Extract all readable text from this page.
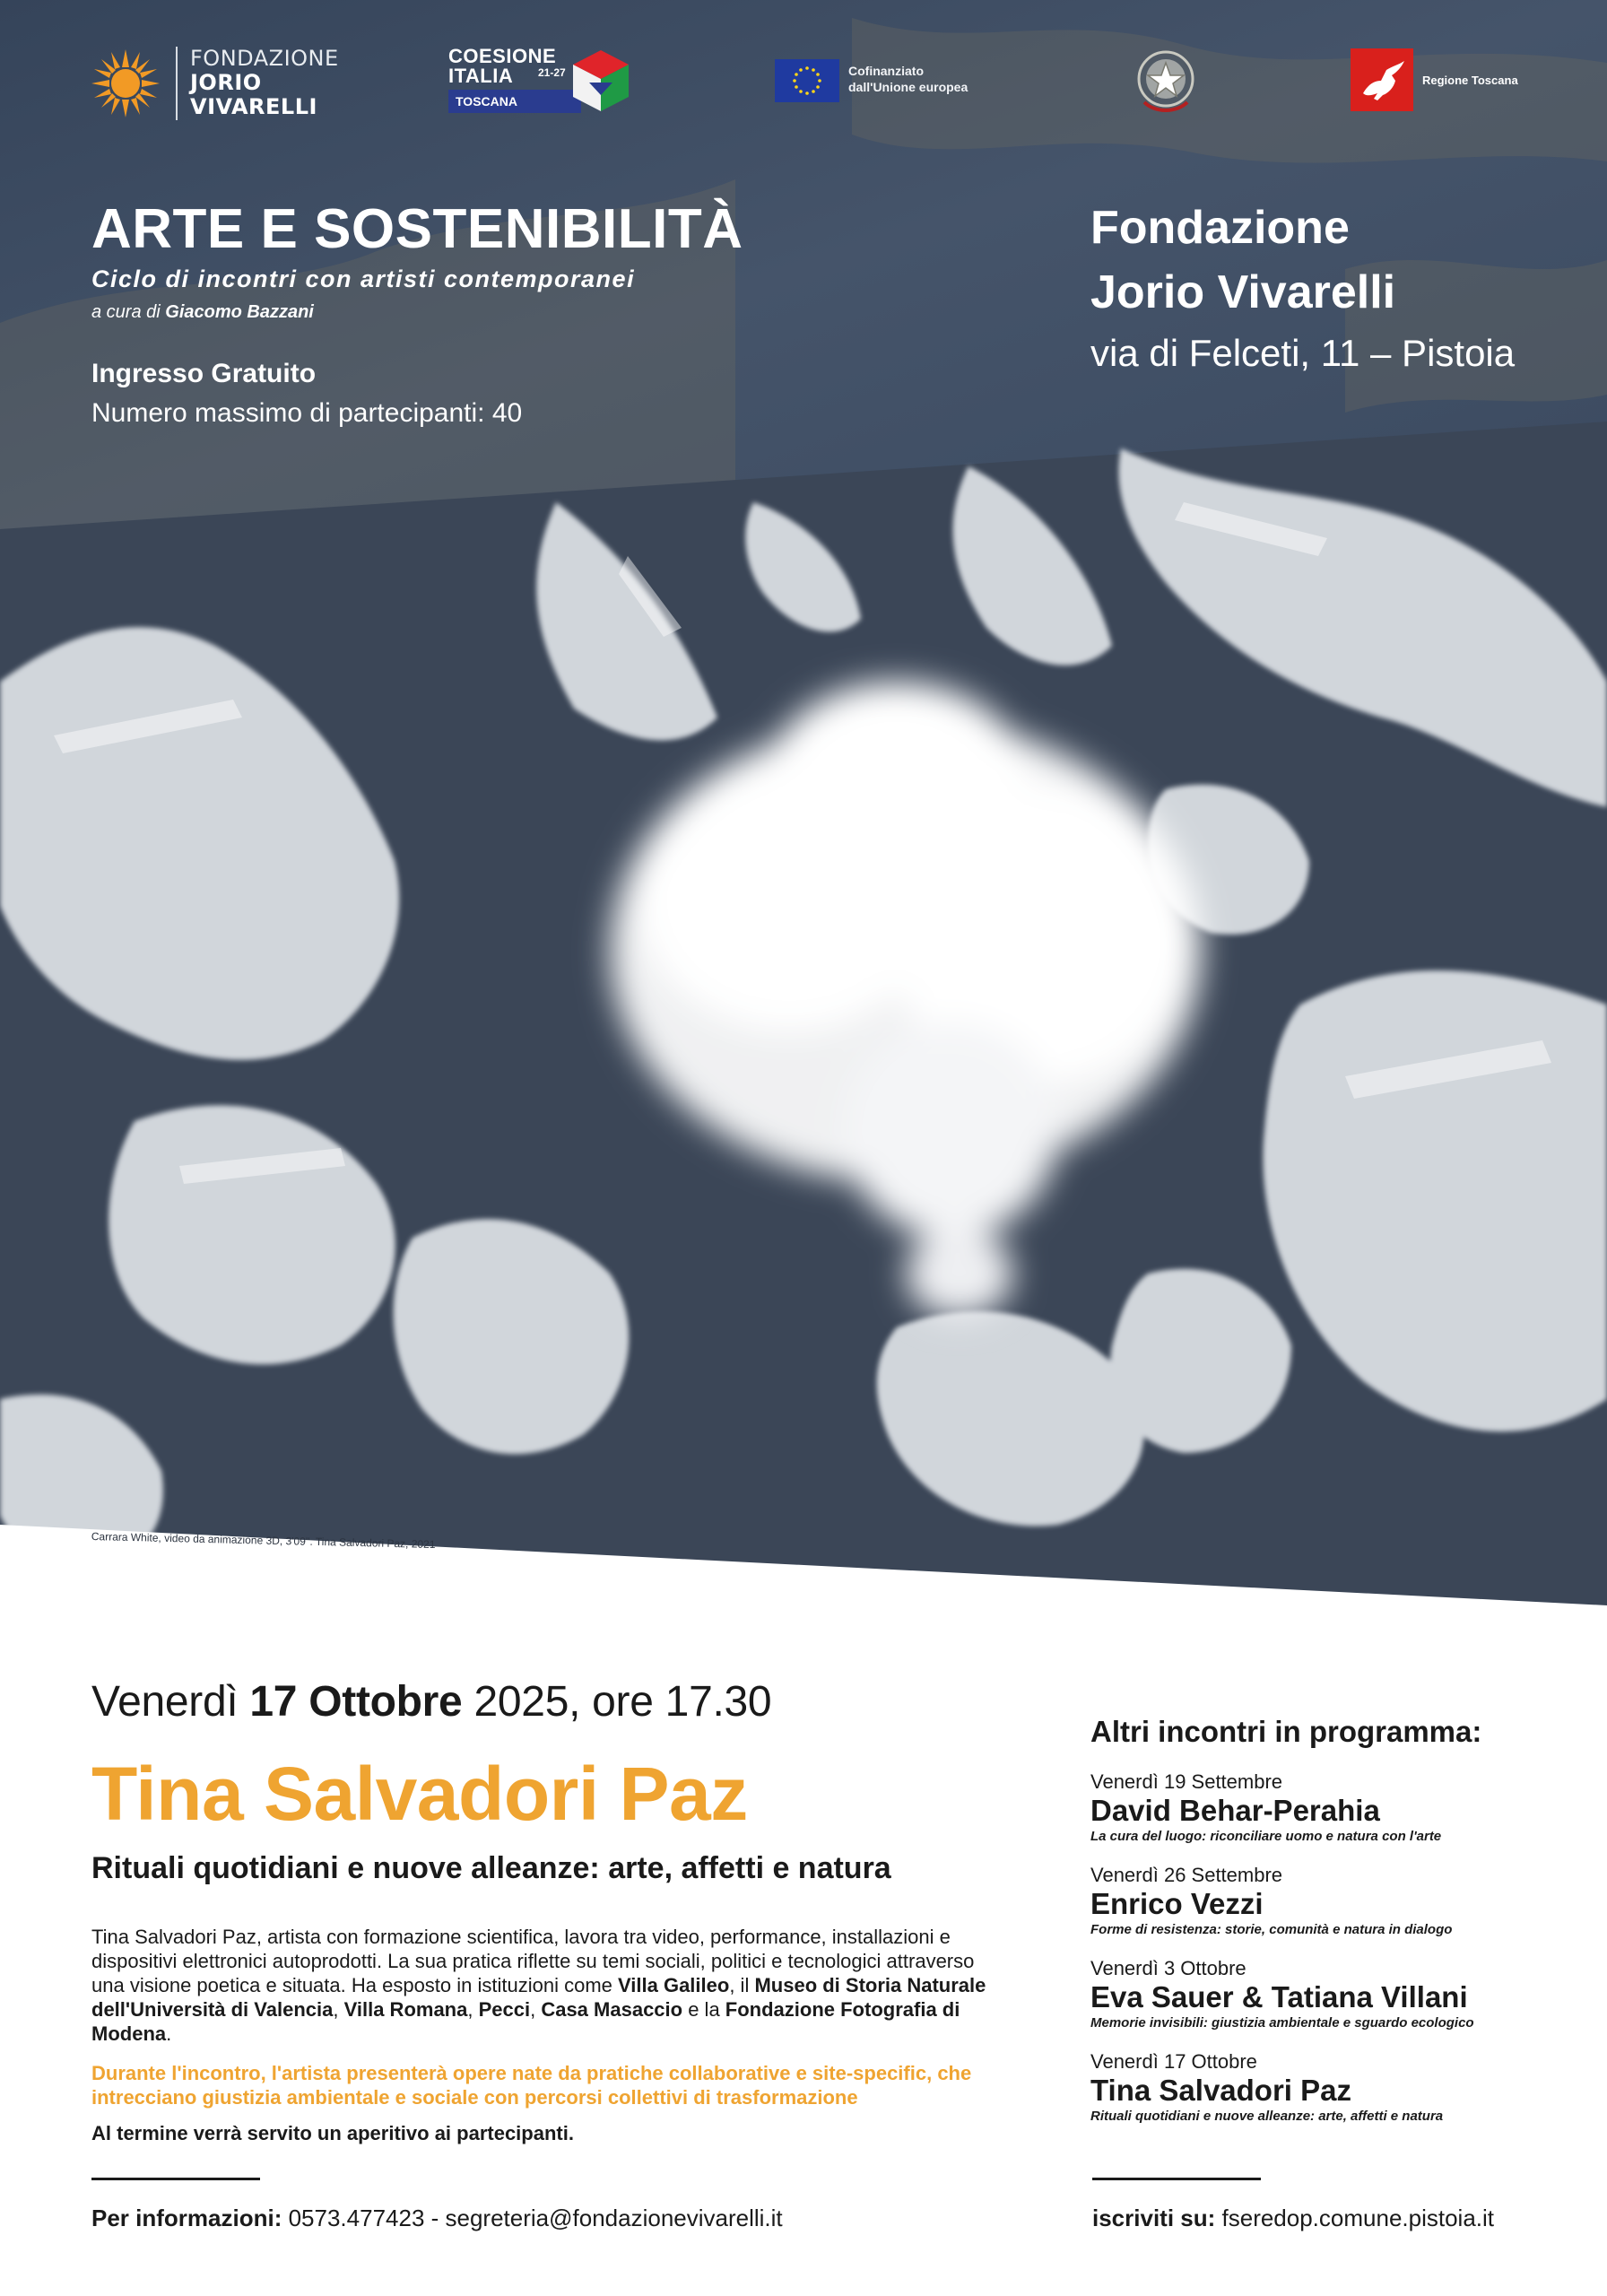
FONDAZIONE
JORIO
VIVARELLI
COESIONE
ITALIA 21-27
TOSCANA
Cofinanziato
dall'Unione europea	Regione Toscana
ARTE E SOSTENIBILITÀ
Ciclo di incontri con artisti contemporanei
a cura di Giacomo Bazzani
Ingresso Gratuito
Numero massimo di partecipanti: 40
Fondazione
Jorio Vivarelli
via di Felceti, 11 – Pistoia
Carrara White, video da animazione 3D, 3'09''. Tina Salvadori Paz, 2021
Venerdì 17 Ottobre 2025, ore 17.30
Tina Salvadori Paz
Rituali quotidiani e nuove alleanze: arte, affetti e natura
Tina Salvadori Paz, artista con formazione scientifica, lavora tra video, performance, installazioni e dispositivi elettronici autoprodotti. La sua pratica riflette su temi sociali, politici e tecnologici attraverso una visione poetica e situata. Ha esposto in istituzioni come Villa Galileo, il Museo di Storia Naturale dell'Università di Valencia, Villa Romana, Pecci, Casa Masaccio e la Fondazione Fotografia di Modena.
Durante l'incontro, l'artista presenterà opere nate da pratiche collaborative e site-specific, che intrecciano giustizia ambientale e sociale con percorsi collettivi di trasformazione
Al termine verrà servito un aperitivo ai partecipanti.
Per informazioni: 0573.477423 - segreteria@fondazionevivarelli.it	iscriviti su: fseredop.comune.pistoia.it
Altri incontri in programma:
Venerdì 19 Settembre
David Behar-Perahia
La cura del luogo: riconciliare uomo e natura con l'arte
Venerdì 26 Settembre
Enrico Vezzi
Forme di resistenza: storie, comunità e natura in dialogo
Venerdì 3 Ottobre
Eva Sauer & Tatiana Villani
Memorie invisibili: giustizia ambientale e sguardo ecologico
Venerdì 17 Ottobre
Tina Salvadori Paz
Rituali quotidiani e nuove alleanze: arte, affetti e natura
